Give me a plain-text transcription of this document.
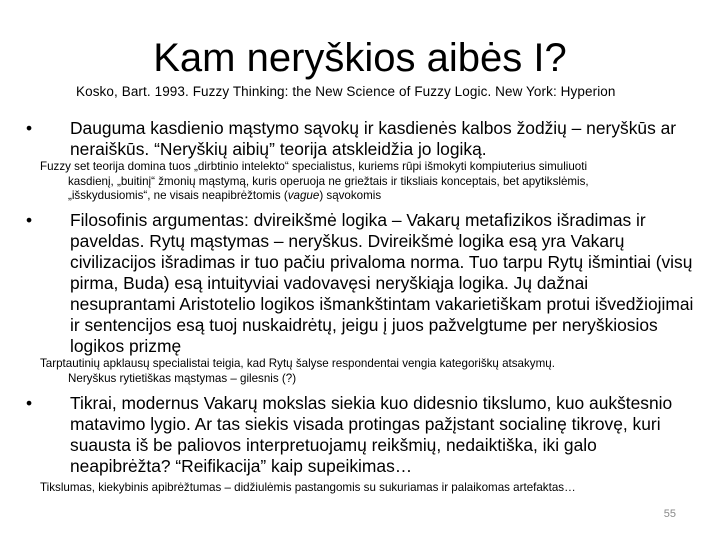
Kam neryškios aibės I?
Kosko, Bart. 1993. Fuzzy Thinking: the New Science of Fuzzy Logic. New York: Hyperion
• Dauguma kasdienio mąstymo sąvokų ir kasdienės kalbos žodžių – neryškūs ar neraiškūs. “Neryškių aibių” teorija atskleidžia jo logiką.
Fuzzy set teorija domina tuos „dirbtinio intelekto“ specialistus, kuriems rūpi išmokyti kompiuterius simuliuoti
kasdienį, „buitinį“ žmonių mąstymą, kuris operuoja ne griežtais ir tiksliais konceptais, bet apytikslėmis,
„išskydusiomis“, ne visais neapibrėžtomis (vague) sąvokomis
• Filosofinis argumentas: dvireikšmė logika – Vakarų metafizikos išradimas ir paveldas. Rytų mąstymas – neryškus. Dvireikšmė logika esą yra Vakarų civilizacijos išradimas ir tuo pačiu privaloma norma. Tuo tarpu Rytų išmintiai (visų pirma, Buda) esą intuityviai vadovavęsi neryškiąja logika. Jų dažnai nesuprantami Aristotelio logikos išmankštintam vakarietiškam protui išvedžiojimai ir sentencijos esą tuoj nuskaidrėtų, jeigu į juos pažvelgtume per neryškiosios logikos prizmę
Tarptautinių apklausų specialistai teigia, kad Rytų šalyse respondentai vengia kategoriškų atsakymų.
Neryškus rytietiškas mąstymas – gilesnis (?)
• Tikrai, modernus Vakarų mokslas siekia kuo didesnio tikslumo, kuo aukštesnio matavimo lygio. Ar tas siekis visada protingas pažįstant socialinę tikrovę, kuri suausta iš be paliovos interpretuojamų reikšmių, nedaiktiška, iki galo neapibrėžta? “Reifikacija” kaip supeikimas…
Tikslumas, kiekybinis apibrėžtumas – didžiulėmis pastangomis su sukuriamas ir palaikomas artefaktas…
55
